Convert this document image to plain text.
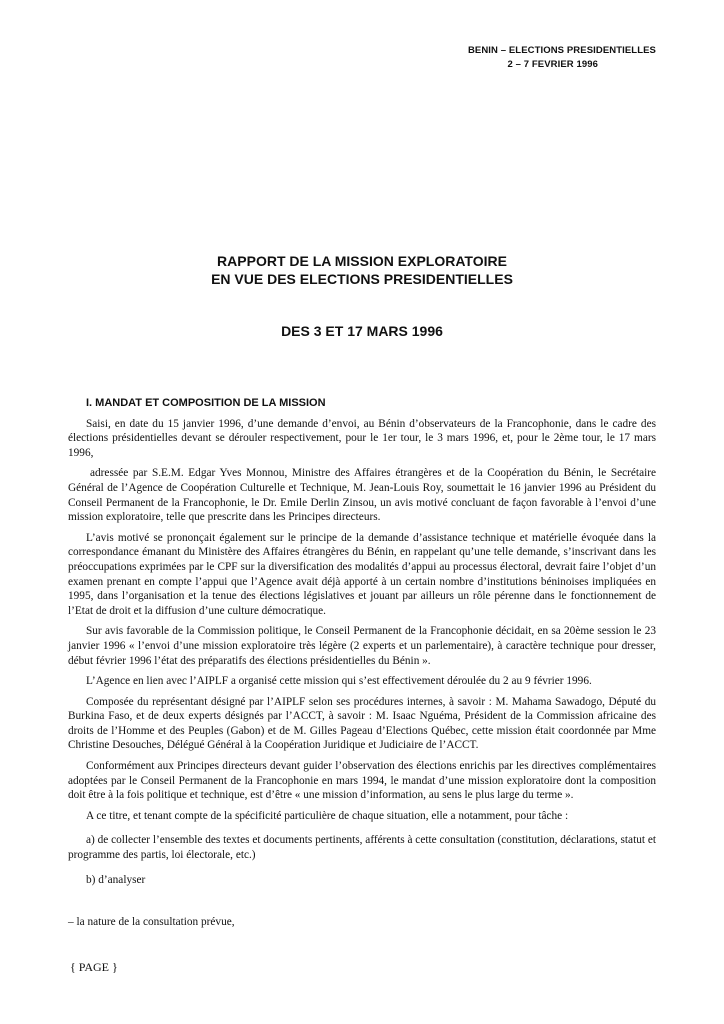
BENIN – ELECTIONS PRESIDENTIELLES
2 – 7 FEVRIER 1996
RAPPORT DE LA MISSION EXPLORATOIRE
EN VUE DES ELECTIONS PRESIDENTIELLES
DES 3 ET 17 MARS 1996
I. MANDAT ET COMPOSITION DE LA MISSION

Saisi, en date du 15 janvier 1996, d’une demande d’envoi, au Bénin d’observateurs de la Francophonie, dans le cadre des élections présidentielles devant se dérouler respectivement, pour le 1er tour, le 3 mars 1996, et, pour le 2ème tour, le 17 mars 1996,

adressée par S.E.M. Edgar Yves Monnou, Ministre des Affaires étrangères et de la Coopération du Bénin, le Secrétaire Général de l’Agence de Coopération Culturelle et Technique, M. Jean-Louis Roy, soumettait le 16 janvier 1996 au Président du Conseil Permanent de la Francophonie, le Dr. Emile Derlin Zinsou, un avis motivé concluant de façon favorable à l’envoi d’une mission exploratoire, telle que prescrite dans les Principes directeurs.

L’avis motivé se prononçait également sur le principe de la demande d’assistance technique et matérielle évoquée dans la correspondance émanant du Ministère des Affaires étrangères du Bénin, en rappelant qu’une telle demande, s’inscrivant dans les préoccupations exprimées par le CPF sur la diversification des modalités d’appui au processus électoral, devrait faire l’objet d’un examen prenant en compte l’appui que l’Agence avait déjà apporté à un certain nombre d’institutions béninoises impliquées en 1995, dans l’organisation et la tenue des élections législatives et jouant par ailleurs un rôle pérenne dans le fonctionnement de l’Etat de droit et la diffusion d’une culture démocratique.

Sur avis favorable de la Commission politique, le Conseil Permanent de la Francophonie décidait, en sa 20ème session le 23 janvier 1996 « l’envoi d’une mission exploratoire très légère (2 experts et un parlementaire), à caractère technique pour dresser, début février 1996 l’état des préparatifs des élections présidentielles du Bénin ».

L’Agence en lien avec l’AIPLF a organisé cette mission qui s’est effectivement déroulée du 2 au 9 février 1996.

Composée du représentant désigné par l’AIPLF selon ses procédures internes, à savoir : M. Mahama Sawadogo, Député du Burkina Faso, et de deux experts désignés par l’ACCT, à savoir : M. Isaac Nguéma, Président de la Commission africaine des droits de l’Homme et des Peuples (Gabon) et de M. Gilles Pageau d’Elections Québec, cette mission était coordonnée par Mme Christine Desouches, Délégué Général à la Coopération Juridique et Judiciaire de l’ACCT.

Conformément aux Principes directeurs devant guider l’observation des élections enrichis par les directives complémentaires adoptées par le Conseil Permanent de la Francophonie en mars 1994, le mandat d’une mission exploratoire dont la composition doit être à la fois politique et technique, est d’être « une mission d’information, au sens le plus large du terme ».

A ce titre, et tenant compte de la spécificité particulière de chaque situation, elle a notamment, pour tâche :

a) de collecter l’ensemble des textes et documents pertinents, afférents à cette consultation (constitution, déclarations, statut et programme des partis, loi électorale, etc.)

b) d’analyser

– la nature de la consultation prévue,

{ PAGE }
